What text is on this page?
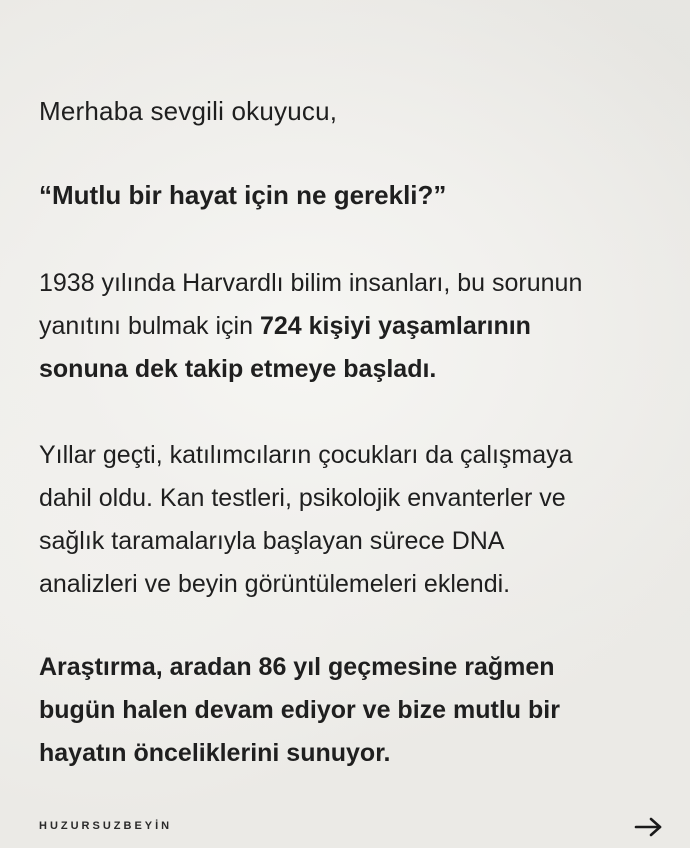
Merhaba sevgili okuyucu,
“Mutlu bir hayat için ne gerekli?”
1938 yılında Harvardlı bilim insanları, bu sorunun
yanıtını bulmak için 724 kişiyi yaşamlarının
sonuna dek takip etmeye başladı.
Yıllar geçti, katılımcıların çocukları da çalışmaya
dahil oldu. Kan testleri, psikolojik envanterler ve
sağlık taramalarıyla başlayan sürece DNA
analizleri ve beyin görüntülemeleri eklendi.
Araştırma, aradan 86 yıl geçmesine rağmen
bugün halen devam ediyor ve bize mutlu bir
hayatın önceliklerini sunuyor.
HUZURSUZBEYİN
